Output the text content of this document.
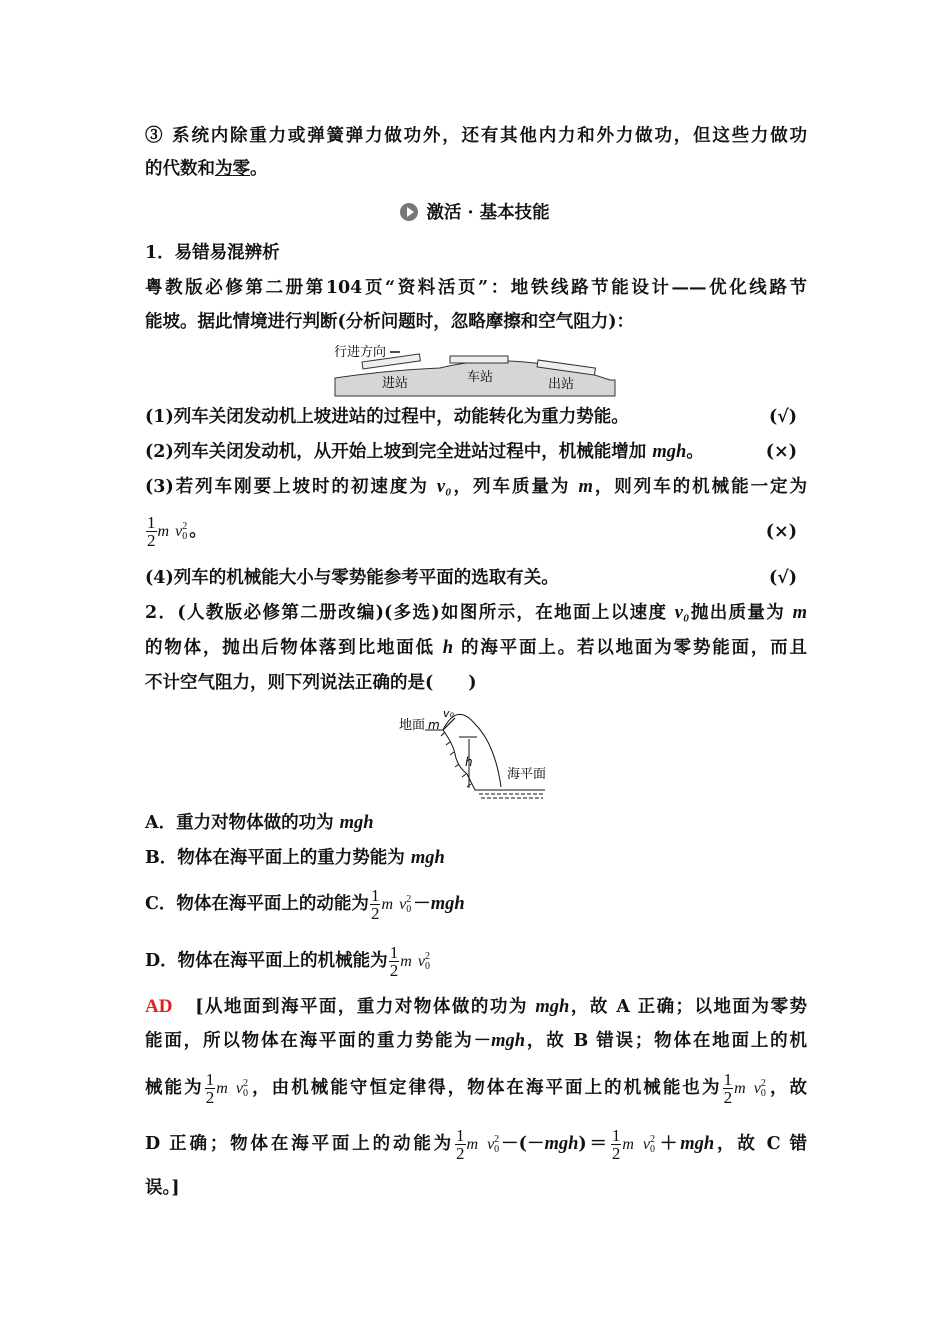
③ 系统内除重力或弹簧弹力做功外，还有其他内力和外力做功，但这些力做功
的代数和为零。
激活 · 基本技能
1．易错易混辨析
粤教版必修第二册第104页“资料活页”：地铁线路节能设计——优化线路节
能坡。据此情境进行判断(分析问题时，忽略摩擦和空气阻力)：
行进方向
进站	车站	出站
(1)列车关闭发动机上坡进站的过程中，动能转化为重力势能。	(√)
(2)列车关闭发动机，从开始上坡到完全进站过程中，机械能增加 mgh。	(×)
(3)若列车刚要上坡时的初速度为 v₀，列车质量为 m，则列车的机械能一定为
$\frac{1}{2}$ m v 2
0 。	(×)
(4)列车的机械能大小与零势能参考平面的选取有关。	(√)
2．(人教版必修第二册改编)(多选)如图所示，在地面上以速度 v₀抛出质量为 m
的物体，抛出后物体落到比地面低 h 的海平面上。若以地面为零势能面，而且
不计空气阻力，则下列说法正确的是(　　)
地面 m
v₀
h
海平面
A．重力对物体做的功为 mgh
B．物体在海平面上的重力势能为 mgh
C．物体在海平面上的动能为 $\frac{1}{2}$ m v 2
0 －mgh
D．物体在海平面上的机械能为 $\frac{1}{2}$ m v 2
0
AD [从地面到海平面，重力对物体做的功为 mgh，故 A 正确；以地面为零势
能面，所以物体在海平面的重力势能为－mgh，故 B 错误；物体在地面上的机
械能为 $\frac{1}{2}$ m v 2
0 ，由机械能守恒定律得，物体在海平面上的机械能也为 $\frac{1}{2}$ m v 2
0 ，故
D 正确；物体在海平面上的动能为 $\frac{1}{2}$ m v 2
$0 -(-mgh)= \frac{1}{2}$ m v 2
0 ＋mgh，故 C 错
误。]
